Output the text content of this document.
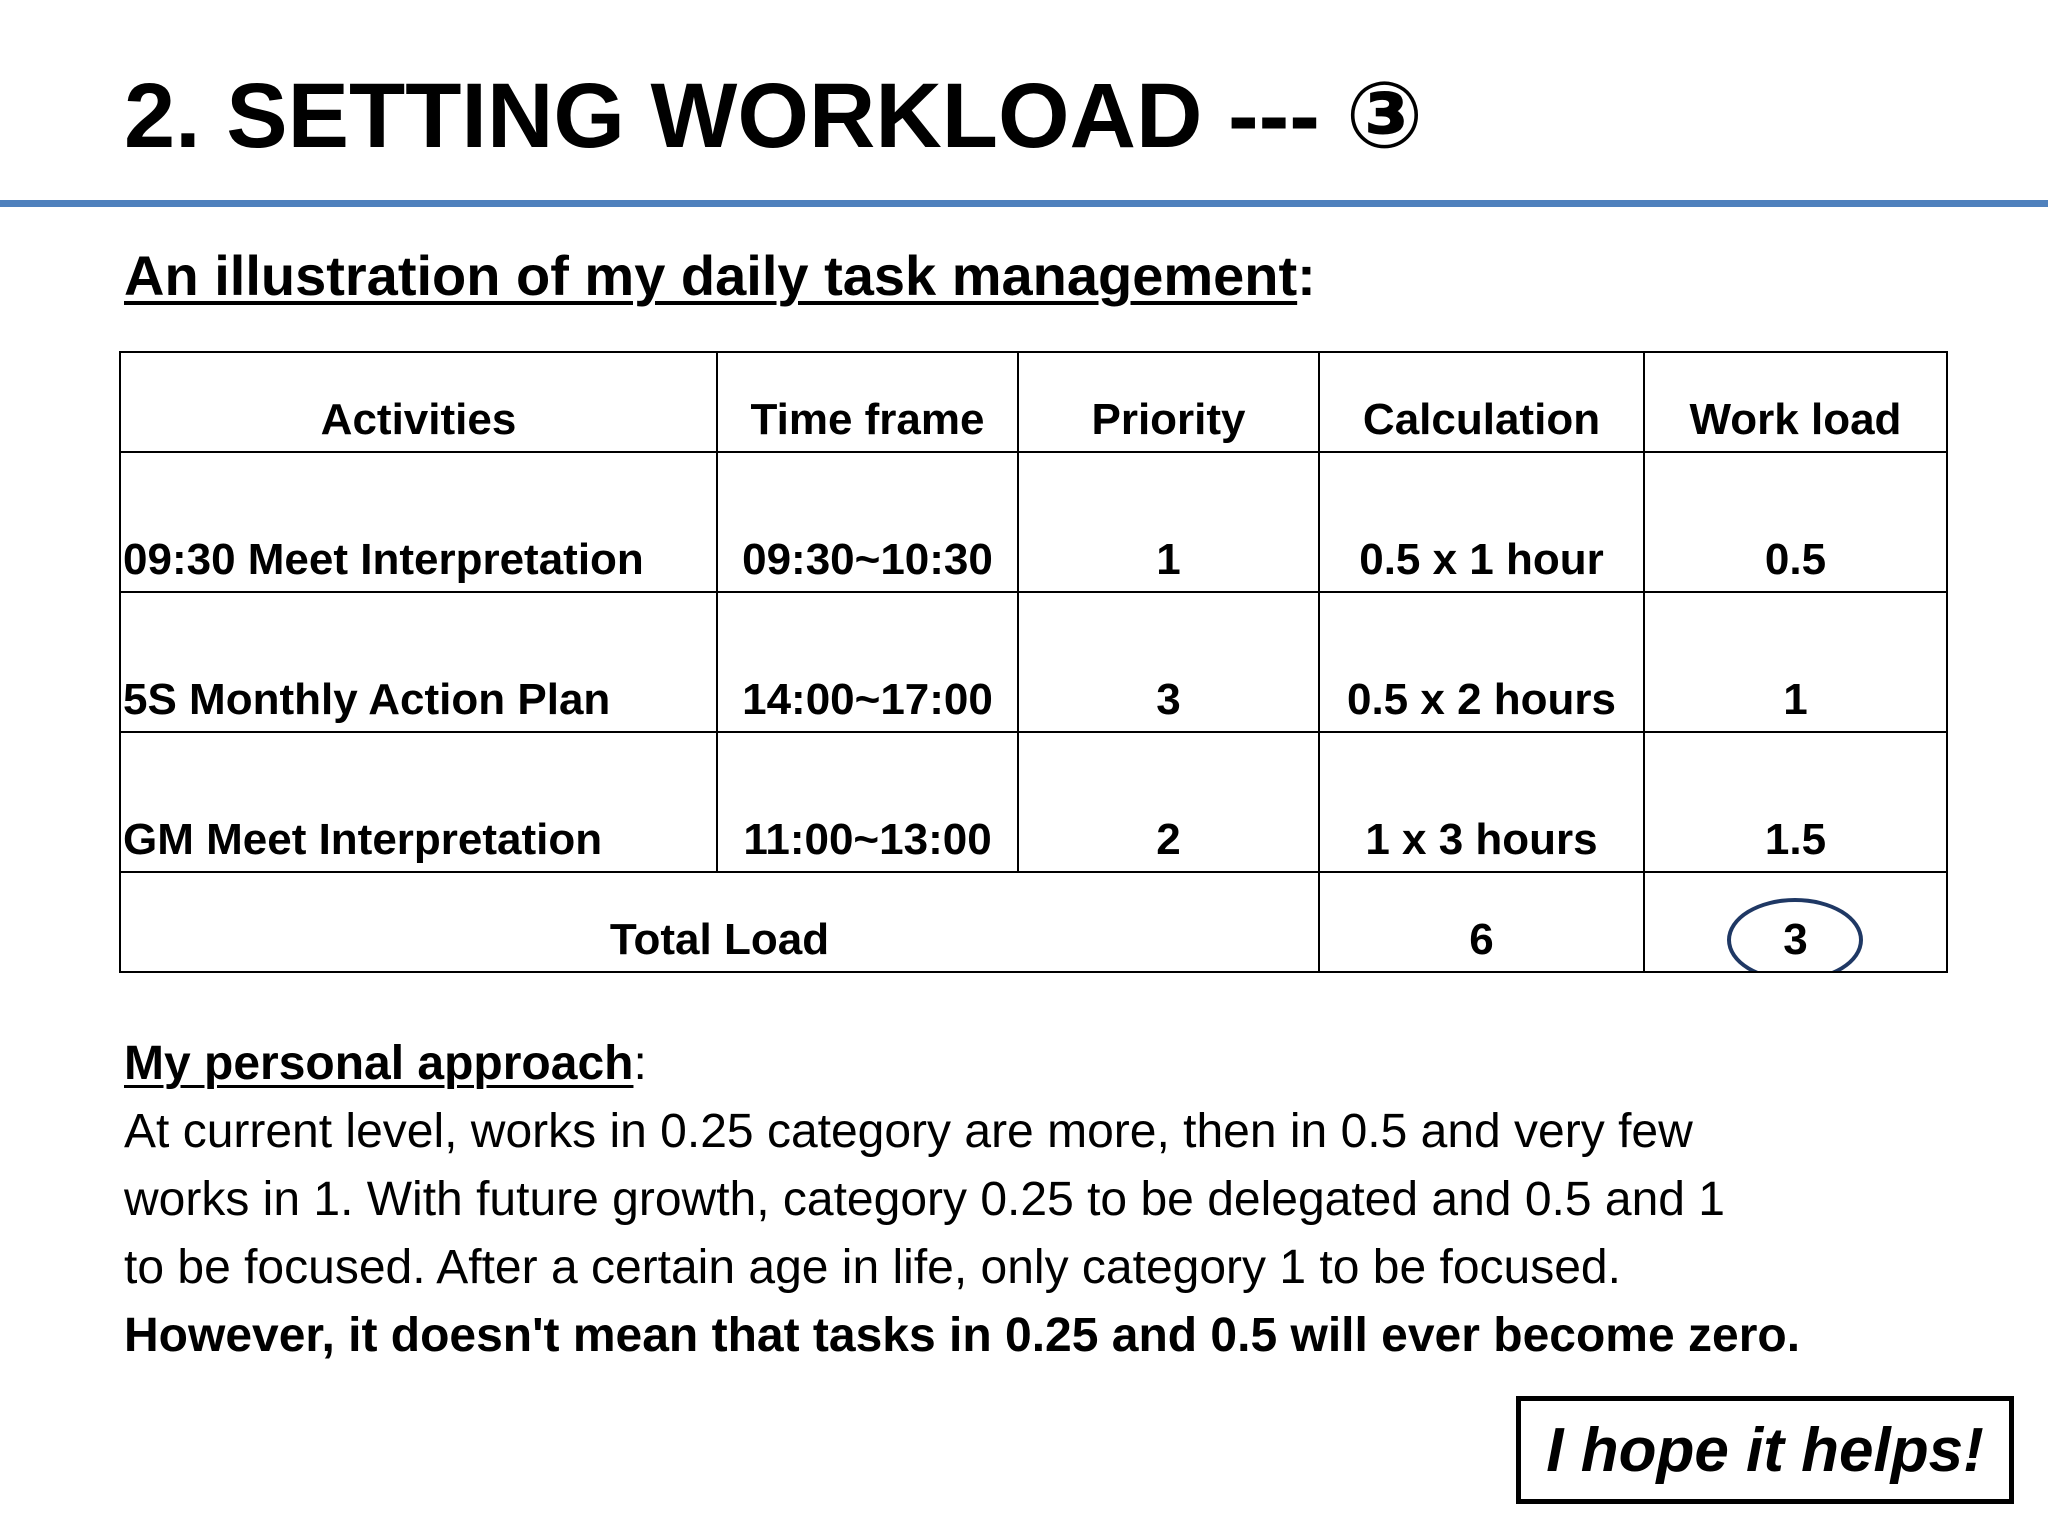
2. SETTING WORKLOAD --- ③
An illustration of my daily task management:
Activities	Time frame	Priority	Calculation	Work load
09:30 Meet Interpretation	09:30~10:30	1	0.5 x 1 hour	0.5
5S Monthly Action Plan	14:00~17:00	3	0.5 x 2 hours	1
GM Meet Interpretation	11:00~13:00	2	1 x 3 hours	1.5
Total Load			6	3
My personal approach:
At current level, works in 0.25 category are more, then in 0.5 and very few
works in 1. With future growth, category 0.25 to be delegated and 0.5 and 1
to be focused. After a certain age in life, only category 1 to be focused.
However, it doesn't mean that tasks in 0.25 and 0.5 will ever become zero.
I hope it helps!
